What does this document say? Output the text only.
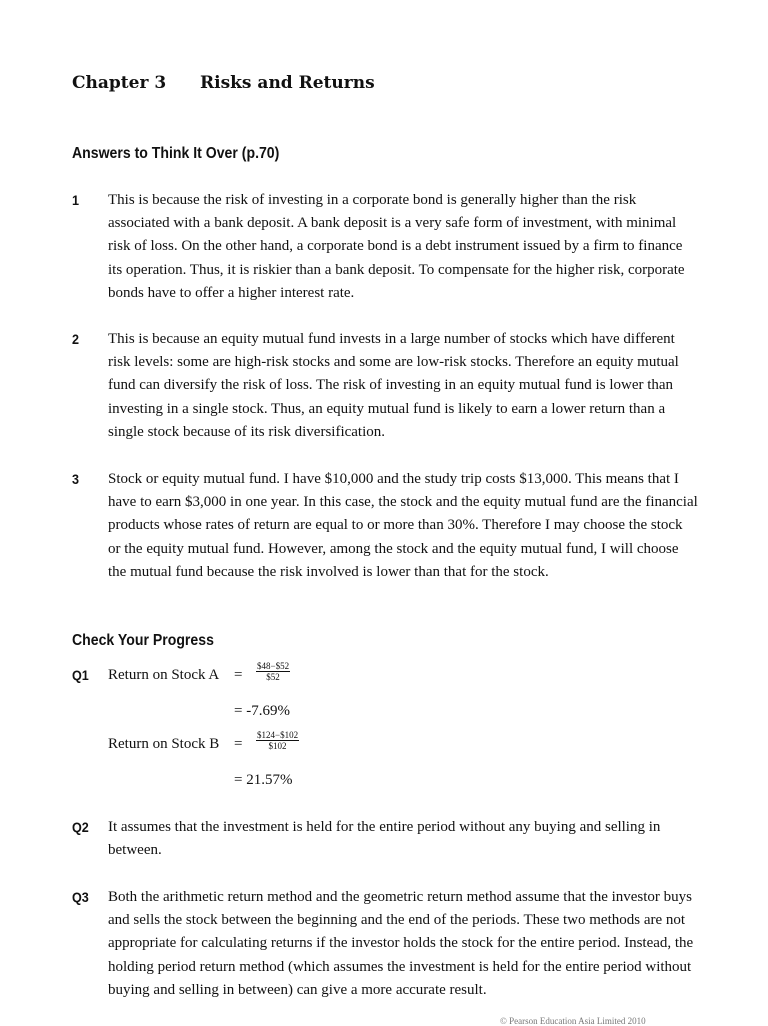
Chapter 3 Risks and Returns
Answers to Think It Over (p.70)
1 This is because the risk of investing in a corporate bond is generally higher than the risk associated with a bank deposit. A bank deposit is a very safe form of investment, with minimal risk of loss. On the other hand, a corporate bond is a debt instrument issued by a firm to finance its operation. Thus, it is riskier than a bank deposit. To compensate for the higher risk, corporate bonds have to offer a higher interest rate.
2 This is because an equity mutual fund invests in a large number of stocks which have different risk levels: some are high-risk stocks and some are low-risk stocks. Therefore an equity mutual fund can diversify the risk of loss. The risk of investing in an equity mutual fund is lower than investing in a single stock. Thus, an equity mutual fund is likely to earn a lower return than a single stock because of its risk diversification.
3 Stock or equity mutual fund. I have $10,000 and the study trip costs $13,000. This means that I have to earn $3,000 in one year. In this case, the stock and the equity mutual fund are the financial products whose rates of return are equal to or more than 30%. Therefore I may choose the stock or the equity mutual fund. However, among the stock and the equity mutual fund, I will choose the mutual fund because the risk involved is lower than that for the stock.
Check Your Progress
Q1 Return on Stock $A = \frac{\$48-\$52}{\$52}$
= -7.69%
Return on Stock $B = \frac{\$124-\$102}{\$102}$
= 21.57%
Q2 It assumes that the investment is held for the entire period without any buying and selling in between.
Q3 Both the arithmetic return method and the geometric return method assume that the investor buys and sells the stock between the beginning and the end of the periods. These two methods are not appropriate for calculating returns if the investor holds the stock for the entire period. Instead, the holding period return method (which assumes the investment is held for the entire period without buying and selling in between) can give a more accurate result.
© Pearson Education Asia Limited 2010
